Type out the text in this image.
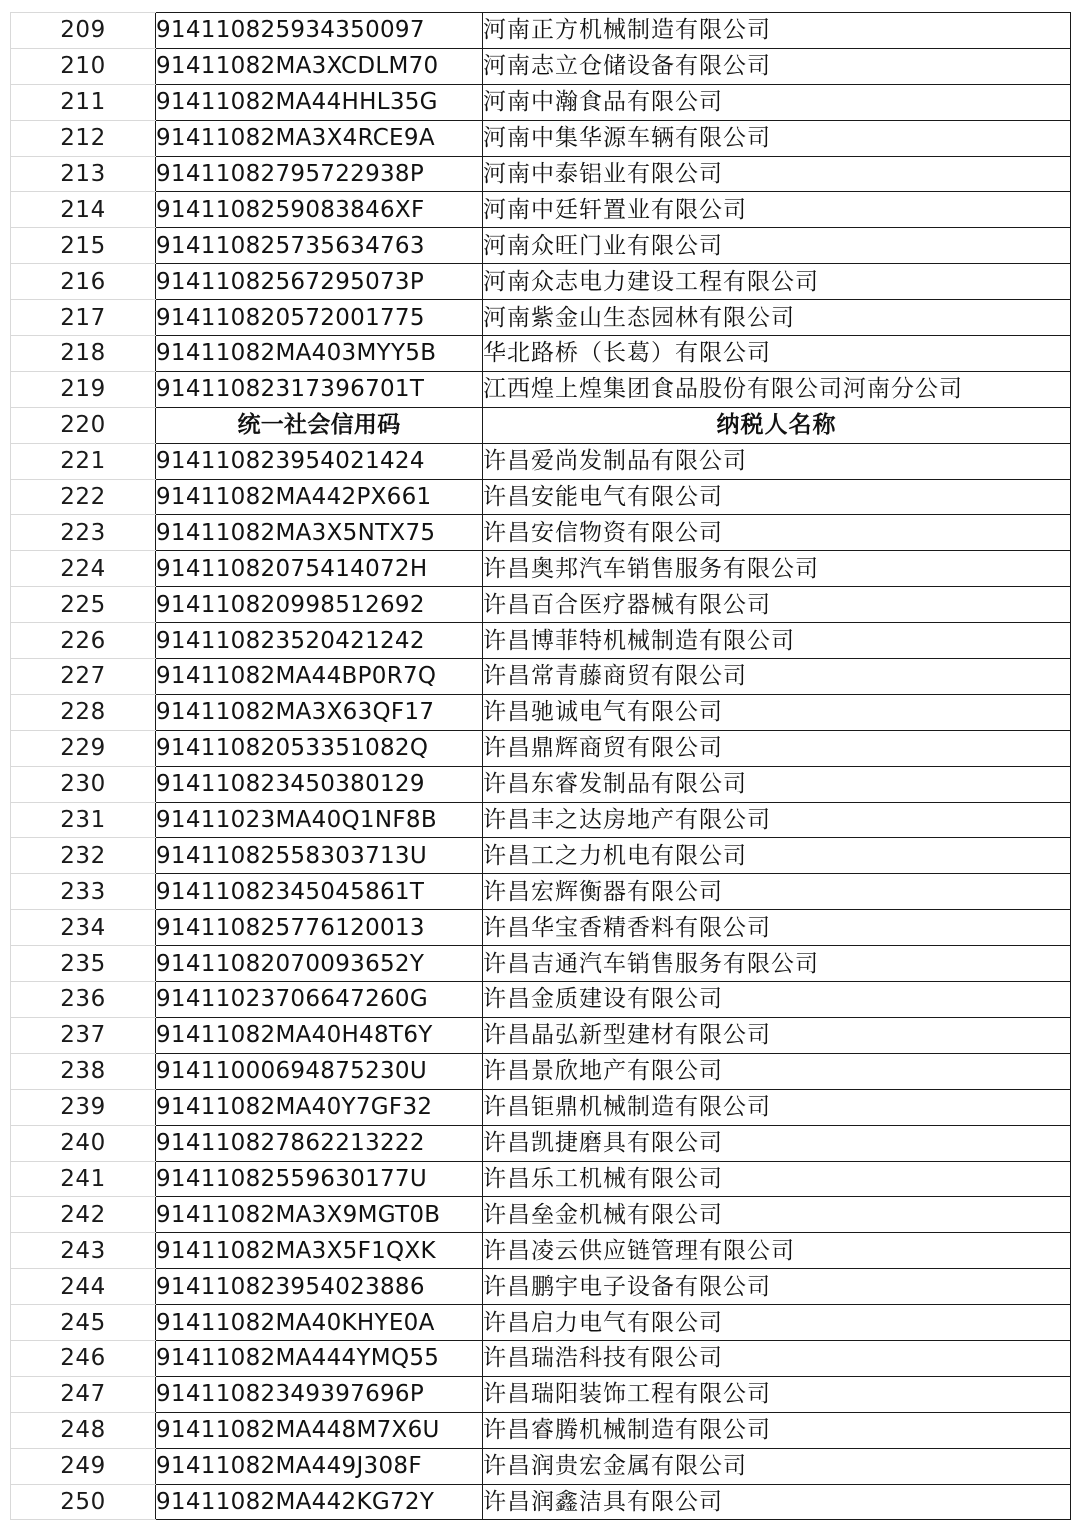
209	914110825934350097	河南正方机械制造有限公司
210	91411082MA3XCDLM70	河南志立仓储设备有限公司
211	91411082MA44HHL35G	河南中瀚食品有限公司
212	91411082MA3X4RCE9A	河南中集华源车辆有限公司
213	91411082795722938P	河南中泰铝业有限公司
214	9141108259083846XF	河南中廷轩置业有限公司
215	914110825735634763	河南众旺门业有限公司
216	91411082567295073P	河南众志电力建设工程有限公司
217	914110820572001775	河南紫金山生态园林有限公司
218	91411082MA403MYY5B	华北路桥（长葛）有限公司
219	91411082317396701T	江西煌上煌集团食品股份有限公司河南分公司
220	统一社会信用码	纳税人名称
221	914110823954021424	许昌爱尚发制品有限公司
222	91411082MA442PX661	许昌安能电气有限公司
223	91411082MA3X5NTX75	许昌安信物资有限公司
224	91411082075414072H	许昌奥邦汽车销售服务有限公司
225	914110820998512692	许昌百合医疗器械有限公司
226	914110823520421242	许昌博菲特机械制造有限公司
227	91411082MA44BP0R7Q	许昌常青藤商贸有限公司
228	91411082MA3X63QF17	许昌驰诚电气有限公司
229	91411082053351082Q	许昌鼎辉商贸有限公司
230	914110823450380129	许昌东睿发制品有限公司
231	91411023MA40Q1NF8B	许昌丰之达房地产有限公司
232	91411082558303713U	许昌工之力机电有限公司
233	91411082345045861T	许昌宏辉衡器有限公司
234	914110825776120013	许昌华宝香精香料有限公司
235	91411082070093652Y	许昌吉通汽车销售服务有限公司
236	91411023706647260G	许昌金质建设有限公司
237	91411082MA40H48T6Y	许昌晶弘新型建材有限公司
238	91411000694875230U	许昌景欣地产有限公司
239	91411082MA40Y7GF32	许昌钜鼎机械制造有限公司
240	914110827862213222	许昌凯捷磨具有限公司
241	91411082559630177U	许昌乐工机械有限公司
242	91411082MA3X9MGT0B	许昌垒金机械有限公司
243	91411082MA3X5F1QXK	许昌凌云供应链管理有限公司
244	914110823954023886	许昌鹏宇电子设备有限公司
245	91411082MA40KHYE0A	许昌启力电气有限公司
246	91411082MA444YMQ55	许昌瑞浩科技有限公司
247	91411082349397696P	许昌瑞阳装饰工程有限公司
248	91411082MA448M7X6U	许昌睿腾机械制造有限公司
249	91411082MA449J308F	许昌润贵宏金属有限公司
250	91411082MA442KG72Y	许昌润鑫洁具有限公司
